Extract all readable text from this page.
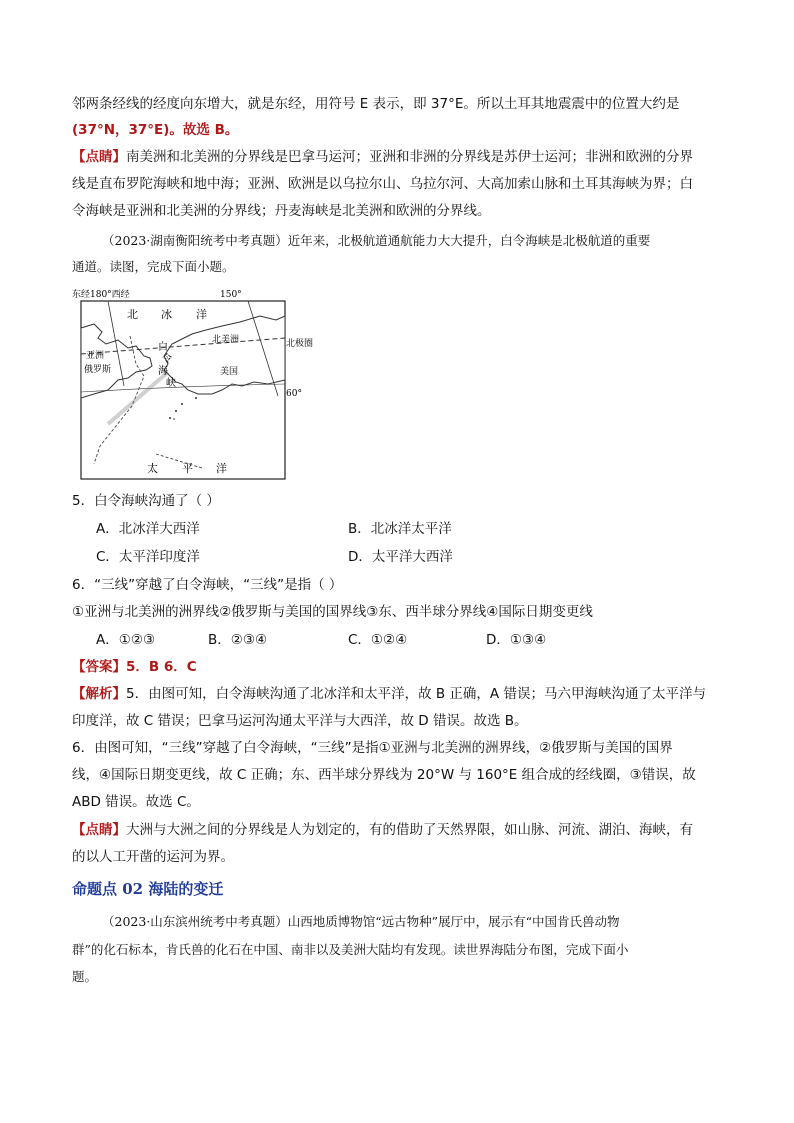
邻两条经线的经度向东增大，就是东经，用符号 E 表示，即 37°E。所以土耳其地震震中的位置大约是
(37°N，37°E)。故选 B。
【点睛】南美洲和北美洲的分界线是巴拿马运河；亚洲和非洲的分界线是苏伊士运河；非洲和欧洲的分界
线是直布罗陀海峡和地中海；亚洲、欧洲是以乌拉尔山、乌拉尔河、大高加索山脉和土耳其海峡为界；白
令海峡是亚洲和北美洲的分界线；丹麦海峡是北美洲和欧洲的分界线。
（2023·湖南衡阳统考中考真题）近年来，北极航道通航能力大大提升，白令海峡是北极航道的重要
通道。读图，完成下面小题。
东经180°西经	150°
北 冰 洋
北美洲	北极圈
亚洲
俄罗斯	美国
白
令
海
峡
60°
太 平 洋
5．白令海峡沟通了（ ）
A．北冰洋大西洋	B．北冰洋太平洋
C．太平洋印度洋	D．太平洋大西洋
6．“三线”穿越了白令海峡，“三线”是指（ ）
①亚洲与北美洲的洲界线②俄罗斯与美国的国界线③东、西半球分界线④国际日期变更线
A．①②③	B．②③④	C．①②④	D．①③④
【答案】5．B 6．C
【解析】5．由图可知，白令海峡沟通了北冰洋和太平洋，故 B 正确，A 错误；马六甲海峡沟通了太平洋与
印度洋，故 C 错误；巴拿马运河沟通太平洋与大西洋，故 D 错误。故选 B。
6．由图可知，“三线”穿越了白令海峡，“三线”是指①亚洲与北美洲的洲界线，②俄罗斯与美国的国界
线，④国际日期变更线，故 C 正确；东、西半球分界线为 20°W 与 160°E 组合成的经线圈，③错误，故
ABD 错误。故选 C。
【点睛】大洲与大洲之间的分界线是人为划定的，有的借助了天然界限，如山脉、河流、湖泊、海峡，有
的以人工开凿的运河为界。
命题点 02 海陆的变迁
（2023·山东滨州统考中考真题）山西地质博物馆“远古物种”展厅中，展示有“中国肯氏兽动物
群”的化石标本，肯氏兽的化石在中国、南非以及美洲大陆均有发现。读世界海陆分布图，完成下面小
题。
